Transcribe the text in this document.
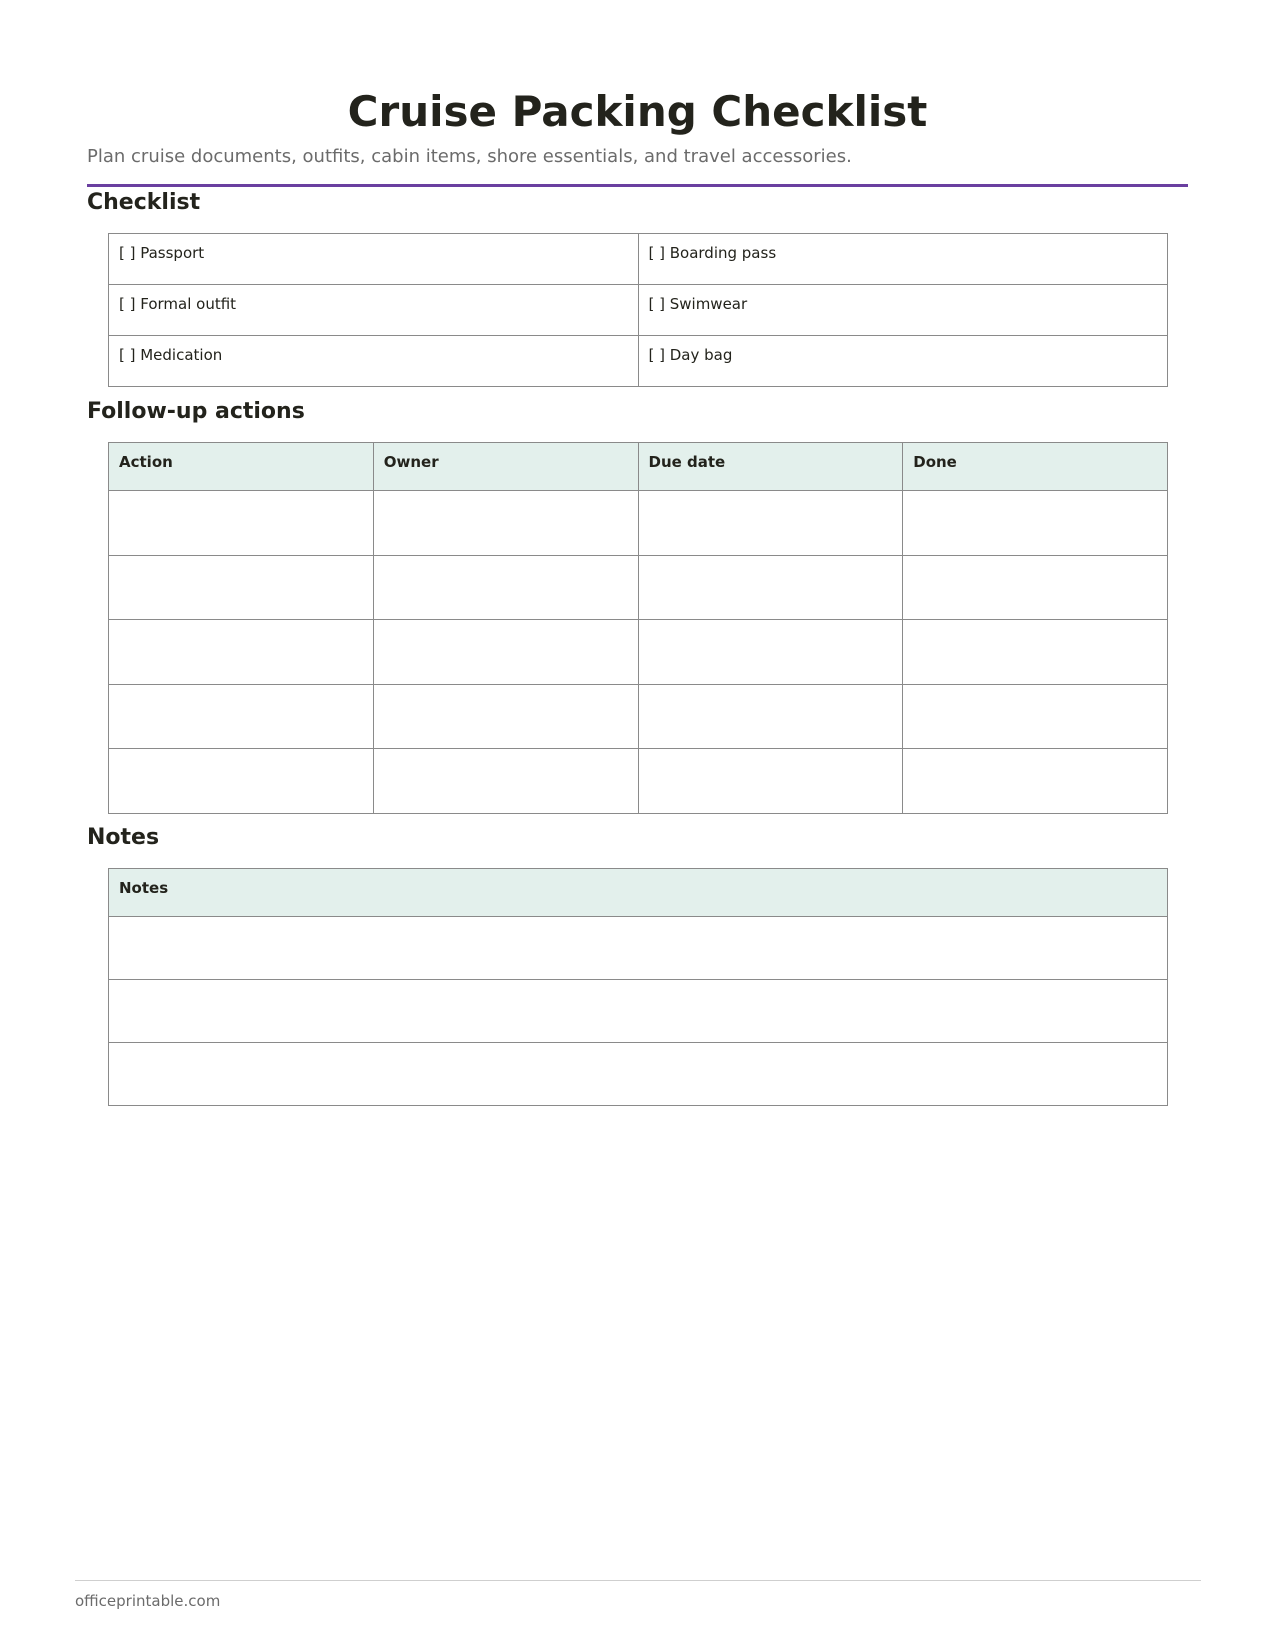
Cruise Packing Checklist
Plan cruise documents, outfits, cabin items, shore essentials, and travel accessories.
Checklist
[ ] Passport	[ ] Boarding pass
[ ] Formal outfit	[ ] Swimwear
[ ] Medication	[ ] Day bag
Follow-up actions
Action	Owner	Due date	Done

Notes
Notes

officeprintable.com
